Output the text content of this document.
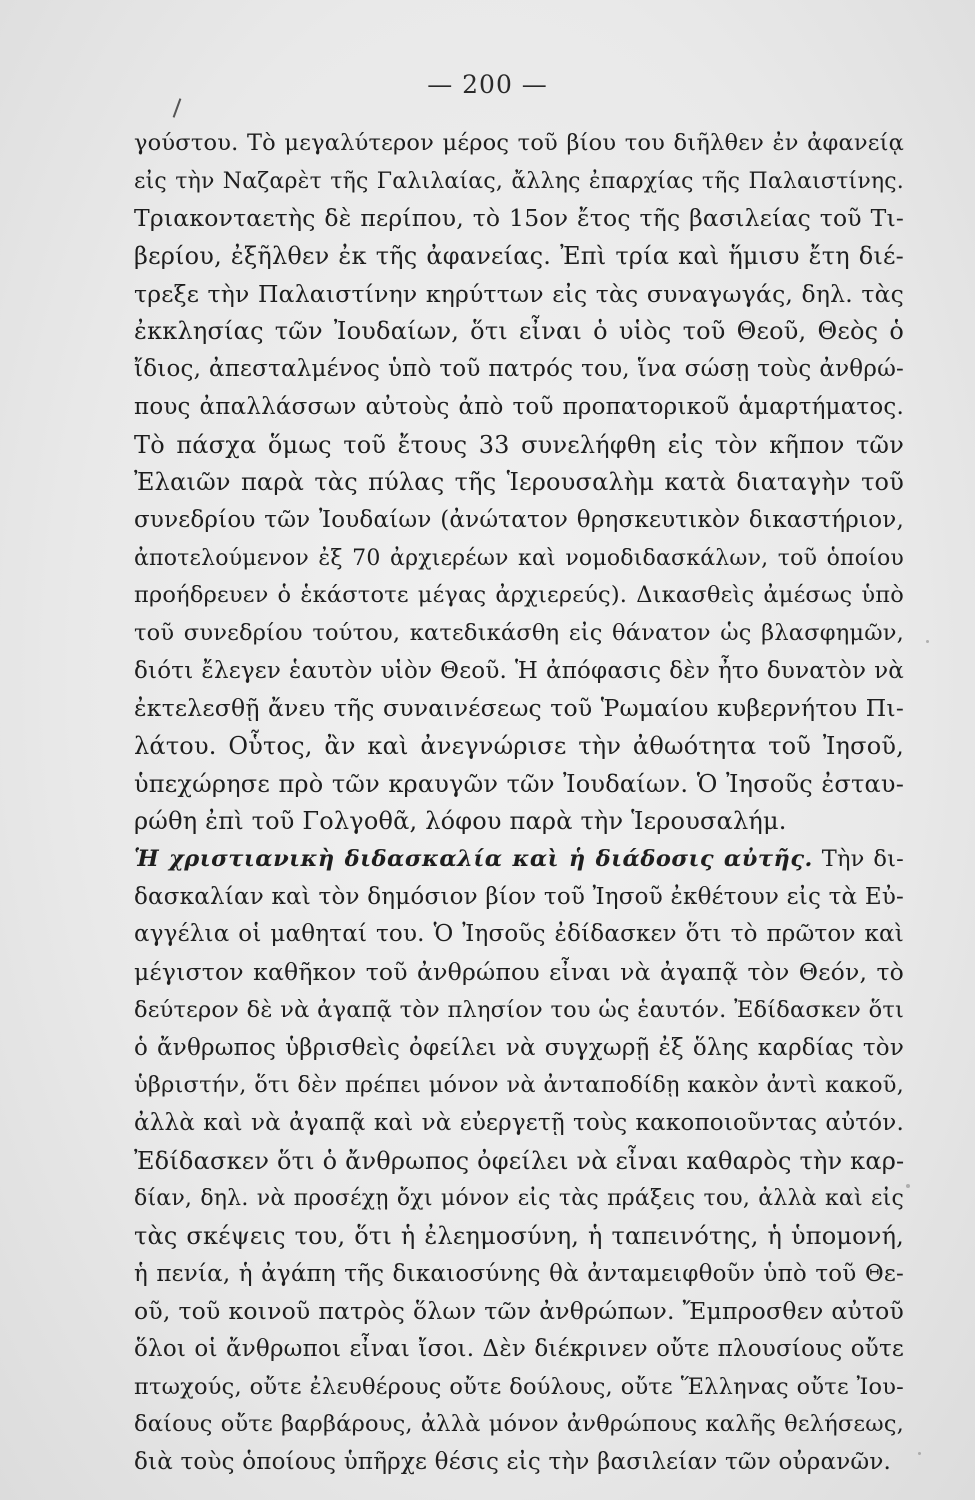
— 200 —
γούστου. Τὸ μεγαλύτερον μέρος τοῦ βίου του διῆλθεν ἐν ἀφανείᾳ
εἰς τὴν Ναζαρὲτ τῆς Γαλιλαίας, ἄλλης ἐπαρχίας τῆς Παλαιστίνης.
Τριακονταετὴς δὲ περίπου, τὸ 15ον ἔτος τῆς βασιλείας τοῦ Τι-
βερίου, ἐξῆλθεν ἐκ τῆς ἀφανείας. Ἐπὶ τρία καὶ ἥμισυ ἔτη διέ-
τρεξε τὴν Παλαιστίνην κηρύττων εἰς τὰς συναγωγάς, δηλ. τὰς
ἐκκλησίας τῶν Ἰουδαίων, ὅτι εἶναι ὁ υἱὸς τοῦ Θεοῦ, Θεὸς ὁ
ἴδιος, ἀπεσταλμένος ὑπὸ τοῦ πατρός του, ἵνα σώσῃ τοὺς ἀνθρώ-
πους ἀπαλλάσσων αὐτοὺς ἀπὸ τοῦ προπατορικοῦ ἁμαρτήματος.
Τὸ πάσχα ὅμως τοῦ ἔτους 33 συνελήφθη εἰς τὸν κῆπον τῶν
Ἐλαιῶν παρὰ τὰς πύλας τῆς Ἱερουσαλὴμ κατὰ διαταγὴν τοῦ
συνεδρίου τῶν Ἰουδαίων (ἀνώτατον θρησκευτικὸν δικαστήριον,
ἀποτελούμενον ἐξ 70 ἀρχιερέων καὶ νομοδιδασκάλων, τοῦ ὁποίου
προήδρευεν ὁ ἑκάστοτε μέγας ἀρχιερεύς). Δικασθεὶς ἀμέσως ὑπὸ
τοῦ συνεδρίου τούτου, κατεδικάσθη εἰς θάνατον ὡς βλασφημῶν,
διότι ἔλεγεν ἑαυτὸν υἱὸν Θεοῦ. Ἡ ἀπόφασις δὲν ἦτο δυνατὸν νὰ
ἐκτελεσθῇ ἄνευ τῆς συναινέσεως τοῦ Ῥωμαίου κυβερνήτου Πι-
λάτου. Οὗτος, ἂν καὶ ἀνεγνώρισε τὴν ἀθωότητα τοῦ Ἰησοῦ,
ὑπεχώρησε πρὸ τῶν κραυγῶν τῶν Ἰουδαίων. Ὁ Ἰησοῦς ἐσταυ-
ρώθη ἐπὶ τοῦ Γολγοθᾶ, λόφου παρὰ τὴν Ἱερουσαλήμ.
Ἡ χριστιανικὴ διδασκαλία καὶ ἡ διάδοσις αὐτῆς. Τὴν δι-
δασκαλίαν καὶ τὸν δημόσιον βίον τοῦ Ἰησοῦ ἐκθέτουν εἰς τὰ Εὐ-
αγγέλια οἱ μαθηταί του. Ὁ Ἰησοῦς ἐδίδασκεν ὅτι τὸ πρῶτον καὶ
μέγιστον καθῆκον τοῦ ἀνθρώπου εἶναι νὰ ἀγαπᾷ τὸν Θεόν, τὸ
δεύτερον δὲ νὰ ἀγαπᾷ τὸν πλησίον του ὡς ἑαυτόν. Ἐδίδασκεν ὅτι
ὁ ἄνθρωπος ὑβρισθεὶς ὀφείλει νὰ συγχωρῇ ἐξ ὅλης καρδίας τὸν
ὑβριστήν, ὅτι δὲν πρέπει μόνον νὰ ἀνταποδίδῃ κακὸν ἀντὶ κακοῦ,
ἀλλὰ καὶ νὰ ἀγαπᾷ καὶ νὰ εὐεργετῇ τοὺς κακοποιοῦντας αὐτόν.
Ἐδίδασκεν ὅτι ὁ ἄνθρωπος ὀφείλει νὰ εἶναι καθαρὸς τὴν καρ-
δίαν, δηλ. νὰ προσέχῃ ὄχι μόνον εἰς τὰς πράξεις του, ἀλλὰ καὶ εἰς
τὰς σκέψεις του, ὅτι ἡ ἐλεημοσύνη, ἡ ταπεινότης, ἡ ὑπομονή,
ἡ πενία, ἡ ἀγάπη τῆς δικαιοσύνης θὰ ἀνταμειφθοῦν ὑπὸ τοῦ Θε-
οῦ, τοῦ κοινοῦ πατρὸς ὅλων τῶν ἀνθρώπων. Ἔμπροσθεν αὐτοῦ
ὅλοι οἱ ἄνθρωποι εἶναι ἴσοι. Δὲν διέκρινεν οὔτε πλουσίους οὔτε
πτωχούς, οὔτε ἐλευθέρους οὔτε δούλους, οὔτε Ἕλληνας οὔτε Ἰου-
δαίους οὔτε βαρβάρους, ἀλλὰ μόνον ἀνθρώπους καλῆς θελήσεως,
διὰ τοὺς ὁποίους ὑπῆρχε θέσις εἰς τὴν βασιλείαν τῶν οὐρανῶν.
